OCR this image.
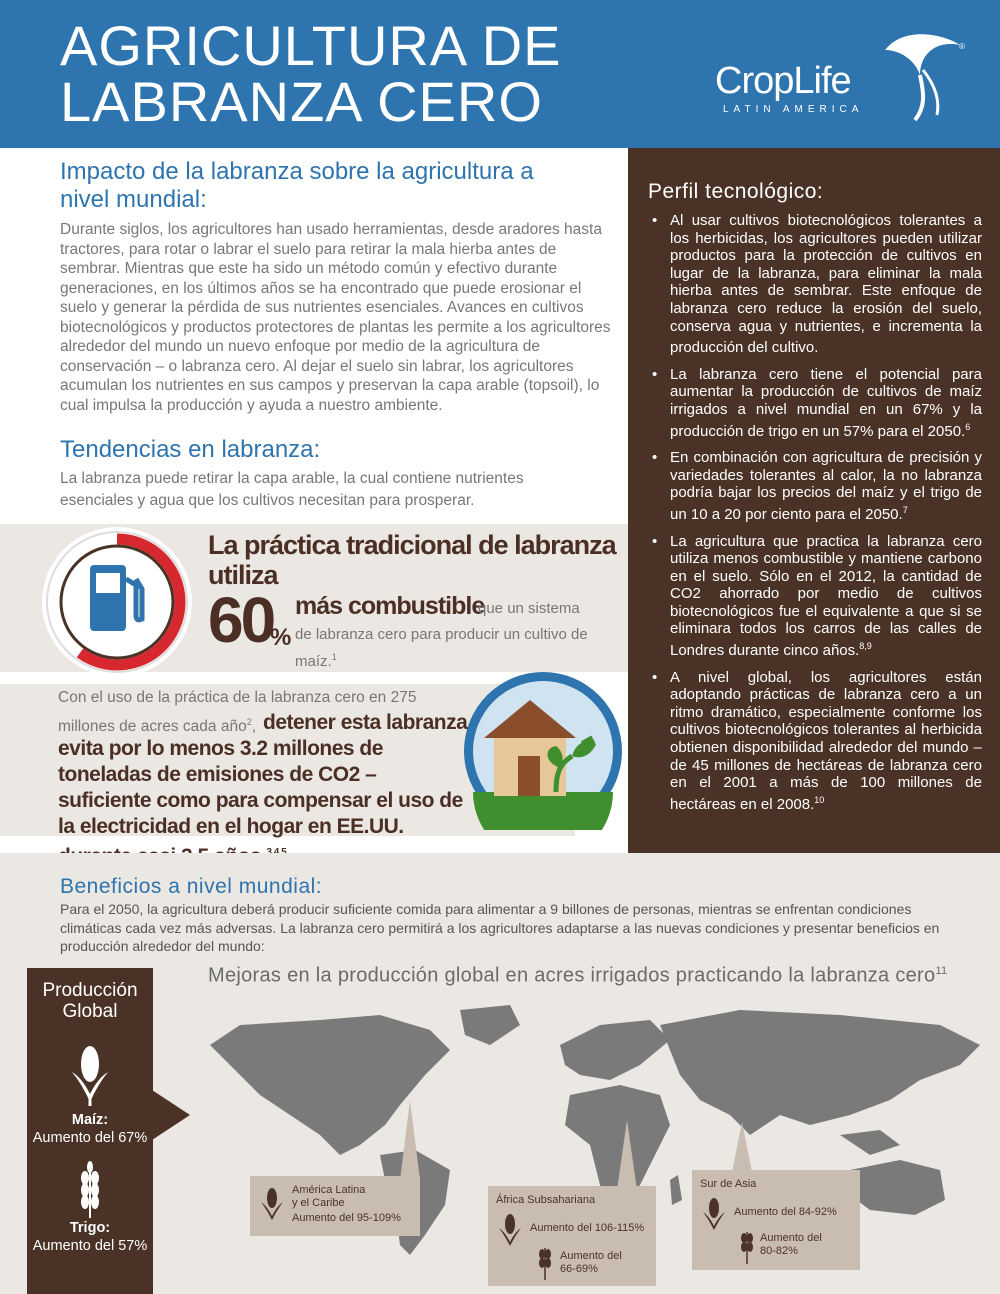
AGRICULTURA DE
LABRANZA CERO	CropLife
LATIN AMERICA
®
Impacto de la labranza sobre la agricultura a nivel mundial:

Durante siglos, los agricultores han usado herramientas, desde aradores hasta tractores, para rotar o labrar el suelo para retirar la mala hierba antes de sembrar. Mientras que este ha sido un método común y efectivo durante generaciones, en los últimos años se ha encontrado que puede erosionar el suelo y generar la pérdida de sus nutrientes esenciales. Avances en cultivos biotecnológicos y productos protectores de plantas les permite a los agricultores alrededor del mundo un nuevo enfoque por medio de la agricultura de conservación – o labranza cero. Al dejar el suelo sin labrar, los agricultores acumulan los nutrientes en sus campos y preservan la capa arable (topsoil), lo cual impulsa la producción y ayuda a nuestro ambiente.

Tendencias en labranza:

La labranza puede retirar la capa arable, la cual contiene nutrientes esenciales y agua que los cultivos necesitan para prosperar.

La práctica tradicional de labranza utiliza
60
%
más combustible
que un sistema
de labranza cero para producir un cultivo de maíz.$^1$
Con el uso de la práctica de la labranza cero en 275 millones de acres cada año$^2$, detener esta labranza evita por lo menos 3.2 millones de toneladas de emisiones de CO2 – suficiente como para compensar el uso de la electricidad en el hogar en EE.UU.
Perfil tecnológico:
• Al usar cultivos biotecnológicos tolerantes a los herbicidas, los agricultores pueden utilizar productos para la protección de cultivos en lugar de la labranza, para eliminar la mala hierba antes de sembrar. Este enfoque de labranza cero reduce la erosión del suelo, conserva agua y nutrientes, e incrementa la producción del cultivo.
• La labranza cero tiene el potencial para aumentar la producción de cultivos de maíz irrigados a nivel mundial en un 67% y la producción de trigo en un 57% para el 2050.$^6$
• En combinación con agricultura de precisión y variedades tolerantes al calor, la no labranza podría bajar los precios del maíz y el trigo de un 10 a 20 por ciento para el 2050.$^7$
• La agricultura que practica la labranza cero utiliza menos combustible y mantiene carbono en el suelo. Sólo en el 2012, la cantidad de CO2 ahorrado por medio de cultivos biotecnológicos fue el equivalente a que si se eliminara todos los carros de las calles de Londres durante cinco años.$^{8,9}$
• A nivel global, los agricultores están adoptando prácticas de labranza cero a un ritmo dramático, especialmente conforme los cultivos biotecnológicos tolerantes al herbicida obtienen disponibilidad alrededor del mundo – de 45 millones de hectáreas de labranza cero en el 2001 a más de 100 millones de hectáreas en el 2008.10
Beneficios a nivel mundial:

Para el 2050, la agricultura deberá producir suficiente comida para alimentar a 9 billones de personas, mientras se enfrentan condiciones climáticas cada vez más adversas. La labranza cero permitirá a los agricultores adaptarse a las nuevas condiciones y presentar beneficios en producción alrededor del mundo:

Mejoras en la producción global en acres irrigados practicando la labranza cero$^{11}$
Producción Global
Maíz:
Aumento del 67%
Trigo:
Aumento del 57%
América Latina y el Caribe
Aumento del 95-109%
África Subsahariana
Aumento del 106-115%
Aumento del 66-69%
Sur de Asia
Aumento del 84-92%
Aumento del 80-82%
